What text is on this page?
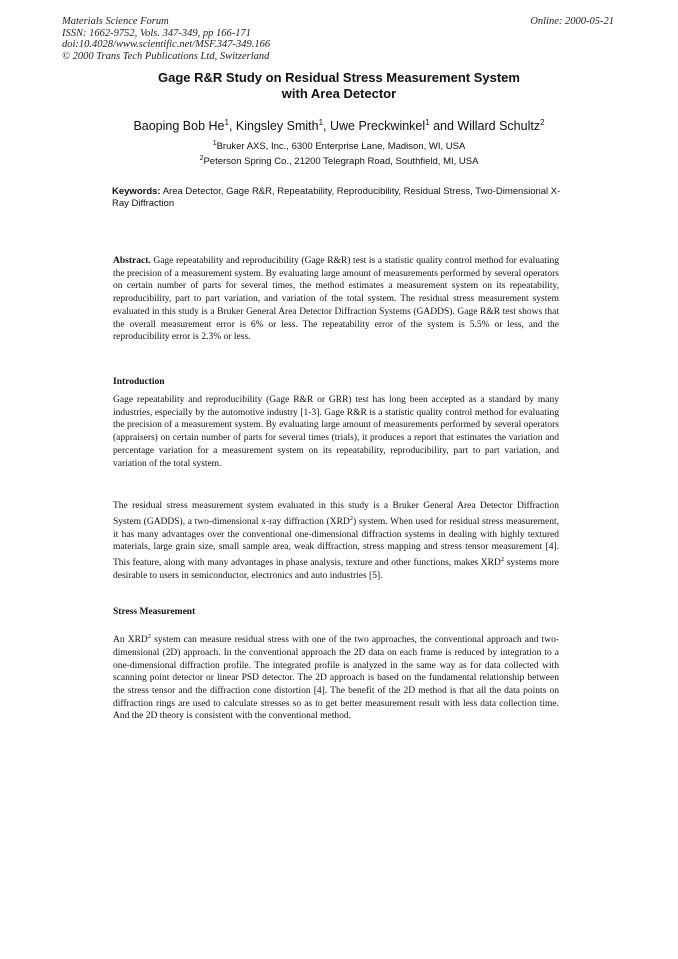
Materials Science Forum
ISSN: 1662-9752, Vols. 347-349, pp 166-171
doi:10.4028/www.scientific.net/MSF.347-349.166
© 2000 Trans Tech Publications Ltd, Switzerland
Online: 2000-05-21
Gage R&R Study on Residual Stress Measurement System
with Area Detector
Baoping Bob He$^1$, Kingsley Smith$^1$, Uwe Preckwinkel$^1$ and Willard Schultz$^2$
$^1$Bruker AXS, Inc., 6300 Enterprise Lane, Madison, WI, USA
$^2$Peterson Spring Co., 21200 Telegraph Road, Southfield, MI, USA
Keywords: Area Detector, Gage R&R, Repeatability, Reproducibility, Residual Stress, Two-Dimensional X-Ray Diffraction
Abstract. Gage repeatability and reproducibility (Gage R&R) test is a statistic quality control method for evaluating the precision of a measurement system. By evaluating large amount of measurements performed by several operators on certain number of parts for several times, the method estimates a measurement system on its repeatability, reproducibility, part to part variation, and variation of the total system. The residual stress measurement system evaluated in this study is a Bruker General Area Detector Diffraction Systems (GADDS). Gage R&R test shows that the overall measurement error is 6% or less. The repeatability error of the system is 5.5% or less, and the reproducibility error is 2.3% or less.
Introduction
Gage repeatability and reproducibility (Gage R&R or GRR) test has long been accepted as a standard by many industries, especially by the automotive industry [1-3]. Gage R&R is a statistic quality control method for evaluating the precision of a measurement system. By evaluating large amount of measurements performed by several operators (appraisers) on certain number of parts for several times (trials), it produces a report that estimates the variation and percentage variation for a measurement system on its repeatability, reproducibility, part to part variation, and variation of the total system.
The residual stress measurement system evaluated in this study is a Bruker General Area Detector Diffraction System (GADDS), a two-dimensional x-ray diffraction (XRD$^2$) system. When used for residual stress measurement, it has many advantages over the conventional one-dimensional diffraction systems in dealing with highly textured materials, large grain size, small sample area, weak diffraction, stress mapping and stress tensor measurement [4]. This feature, along with many advantages in phase analysis, texture and other functions, makes XRD$^2$ systems more desirable to users in semiconductor, electronics and auto industries [5].
Stress Measurement
An XRD$^2$ system can measure residual stress with one of the two approaches, the conventional approach and two-dimensional (2D) approach. In the conventional approach the 2D data on each frame is reduced by integration to a one-dimensional diffraction profile. The integrated profile is analyzed in the same way as for data collected with scanning point detector or linear PSD detector. The 2D approach is based on the fundamental relationship between the stress tensor and the diffraction cone distortion [4]. The benefit of the 2D method is that all the data points on diffraction rings are used to calculate stresses so as to get better measurement result with less data collection time. And the 2D theory is consistent with the conventional method.
